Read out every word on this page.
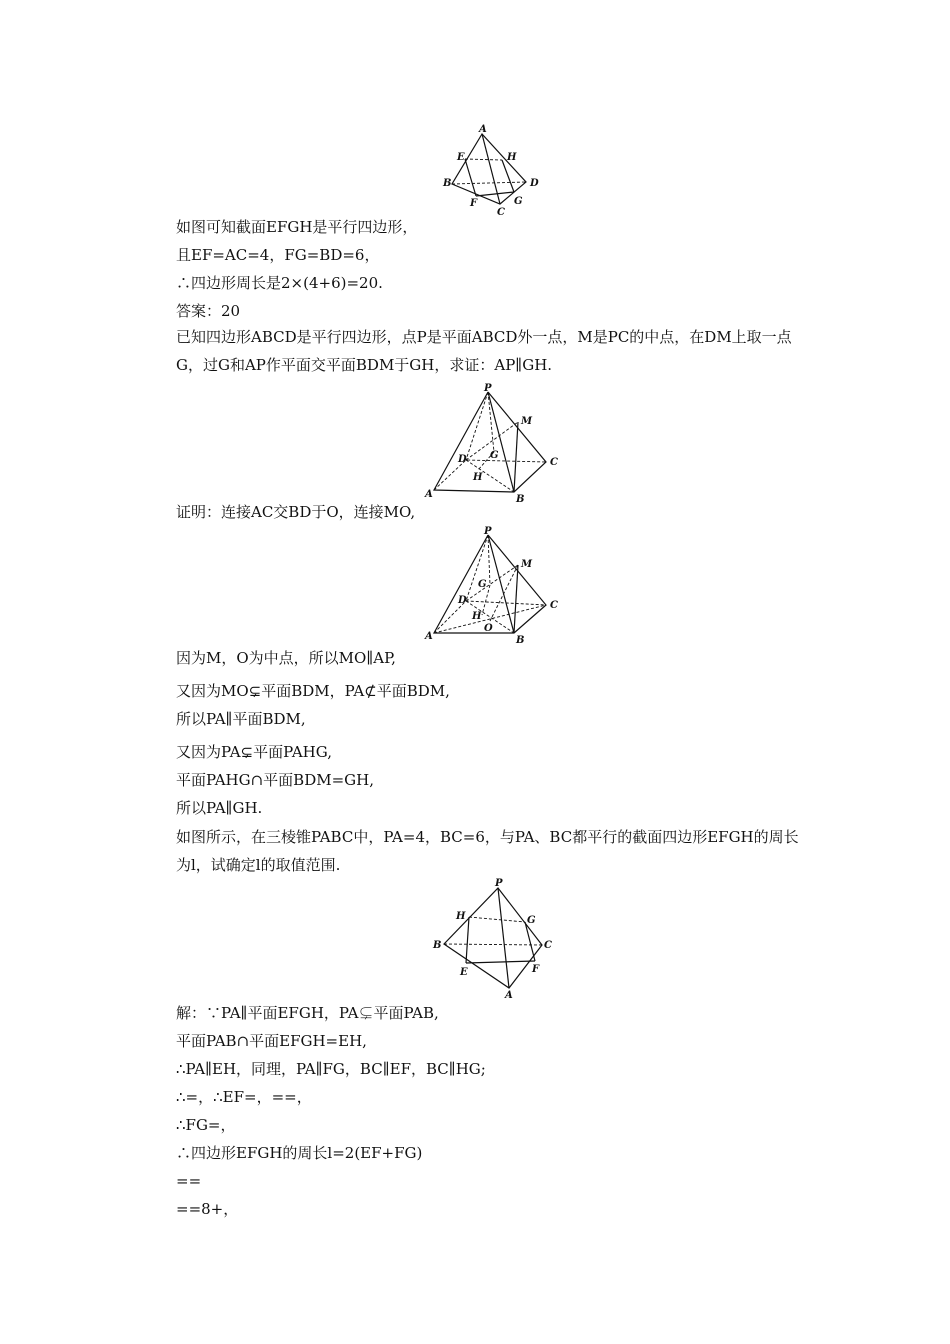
A
E	H
B	D
F	G
C
如图可知截面EFGH是平行四边形，
且EF=AC=4，FG=BD=6，
∴四边形周长是2×(4+6)=20.
答案：20
已知四边形ABCD是平行四边形，点P是平面ABCD外一点，M是PC的中点，在DM上取一点G，过G和AP作平面交平面BDM于GH，求证：AP∥GH.
P
M
D G
C
H
A	B
证明：连接AC交BD于O，连接MO,
P
M
G
D
H
C
O
A	B
因为M，O为中点，所以MO∥AP,
又因为MO⊊平面BDM，PA⊄平面BDM,
所以PA∥平面BDM,
又因为PA⊊平面PAHG,
平面PAHG∩平面BDM=GH,
所以PA∥GH.
如图所示，在三棱锥PABC中，PA=4，BC=6，与PA、BC都平行的截面四边形EFGH的周长为l，试确定l的取值范围.
P
H	G
B	C
E	F
A
解：∵PA∥平面EFGH，PA⊊平面PAB,
平面PAB∩平面EFGH=EH,
∴PA∥EH，同理，PA∥FG，BC∥EF，BC∥HG;
∴=，∴EF=，==，
∴FG=，
∴四边形EFGH的周长l=2(EF+FG)
==
==8+，
